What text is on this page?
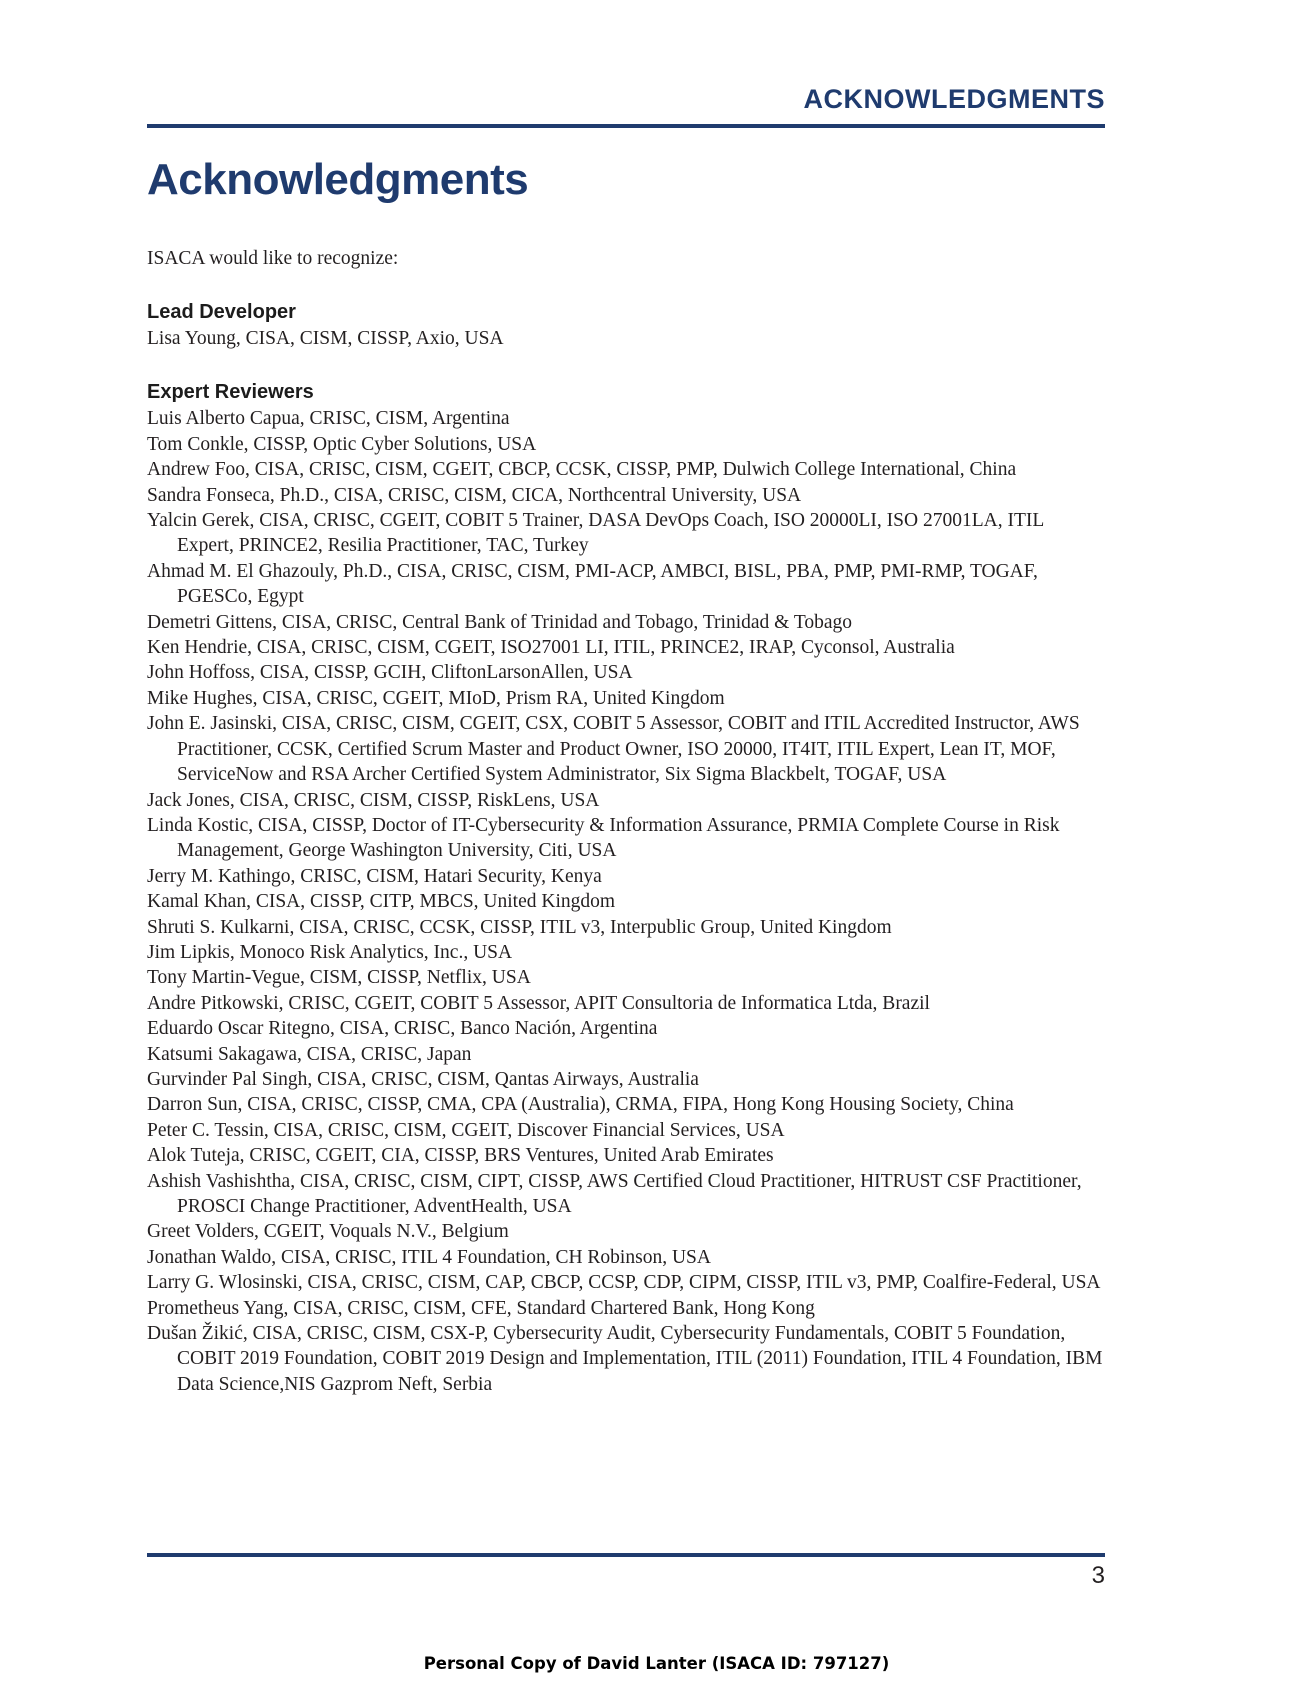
ACKNOWLEDGMENTS
Acknowledgments

ISACA would like to recognize:

Lead Developer

Lisa Young, CISA, CISM, CISSP, Axio, USA

Expert Reviewers

Luis Alberto Capua, CRISC, CISM, Argentina

Tom Conkle, CISSP, Optic Cyber Solutions, USA

Andrew Foo, CISA, CRISC, CISM, CGEIT, CBCP, CCSK, CISSP, PMP, Dulwich College International, China

Sandra Fonseca, Ph.D., CISA, CRISC, CISM, CICA, Northcentral University, USA

Yalcin Gerek, CISA, CRISC, CGEIT, COBIT 5 Trainer, DASA DevOps Coach, ISO 20000LI, ISO 27001LA, ITIL Expert, PRINCE2, Resilia Practitioner, TAC, Turkey

Ahmad M. El Ghazouly, Ph.D., CISA, CRISC, CISM, PMI-ACP, AMBCI, BISL, PBA, PMP, PMI-RMP, TOGAF, PGESCo, Egypt

Demetri Gittens, CISA, CRISC, Central Bank of Trinidad and Tobago, Trinidad & Tobago

Ken Hendrie, CISA, CRISC, CISM, CGEIT, ISO27001 LI, ITIL, PRINCE2, IRAP, Cyconsol, Australia

John Hoffoss, CISA, CISSP, GCIH, CliftonLarsonAllen, USA

Mike Hughes, CISA, CRISC, CGEIT, MIoD, Prism RA, United Kingdom

John E. Jasinski, CISA, CRISC, CISM, CGEIT, CSX, COBIT 5 Assessor, COBIT and ITIL Accredited Instructor, AWS Practitioner, CCSK, Certified Scrum Master and Product Owner, ISO 20000, IT4IT, ITIL Expert, Lean IT, MOF, ServiceNow and RSA Archer Certified System Administrator, Six Sigma Blackbelt, TOGAF, USA

Jack Jones, CISA, CRISC, CISM, CISSP, RiskLens, USA

Linda Kostic, CISA, CISSP, Doctor of IT-Cybersecurity & Information Assurance, PRMIA Complete Course in Risk Management, George Washington University, Citi, USA

Jerry M. Kathingo, CRISC, CISM, Hatari Security, Kenya

Kamal Khan, CISA, CISSP, CITP, MBCS, United Kingdom

Shruti S. Kulkarni, CISA, CRISC, CCSK, CISSP, ITIL v3, Interpublic Group, United Kingdom

Jim Lipkis, Monoco Risk Analytics, Inc., USA

Tony Martin-Vegue, CISM, CISSP, Netflix, USA

Andre Pitkowski, CRISC, CGEIT, COBIT 5 Assessor, APIT Consultoria de Informatica Ltda, Brazil

Eduardo Oscar Ritegno, CISA, CRISC, Banco Nación, Argentina

Katsumi Sakagawa, CISA, CRISC, Japan

Gurvinder Pal Singh, CISA, CRISC, CISM, Qantas Airways, Australia

Darron Sun, CISA, CRISC, CISSP, CMA, CPA (Australia), CRMA, FIPA, Hong Kong Housing Society, China

Peter C. Tessin, CISA, CRISC, CISM, CGEIT, Discover Financial Services, USA

Alok Tuteja, CRISC, CGEIT, CIA, CISSP, BRS Ventures, United Arab Emirates

Ashish Vashishtha, CISA, CRISC, CISM, CIPT, CISSP, AWS Certified Cloud Practitioner, HITRUST CSF Practitioner, PROSCI Change Practitioner, AdventHealth, USA

Greet Volders, CGEIT, Voquals N.V., Belgium

Jonathan Waldo, CISA, CRISC, ITIL 4 Foundation, CH Robinson, USA

Larry G. Wlosinski, CISA, CRISC, CISM, CAP, CBCP, CCSP, CDP, CIPM, CISSP, ITIL v3, PMP, Coalfire-Federal, USA

Prometheus Yang, CISA, CRISC, CISM, CFE, Standard Chartered Bank, Hong Kong

Dušan Žikić, CISA, CRISC, CISM, CSX-P, Cybersecurity Audit, Cybersecurity Fundamentals, COBIT 5 Foundation, COBIT 2019 Foundation, COBIT 2019 Design and Implementation, ITIL (2011) Foundation, ITIL 4 Foundation, IBM Data Science,NIS Gazprom Neft, Serbia

3
Personal Copy of David Lanter (ISACA ID: 797127)
